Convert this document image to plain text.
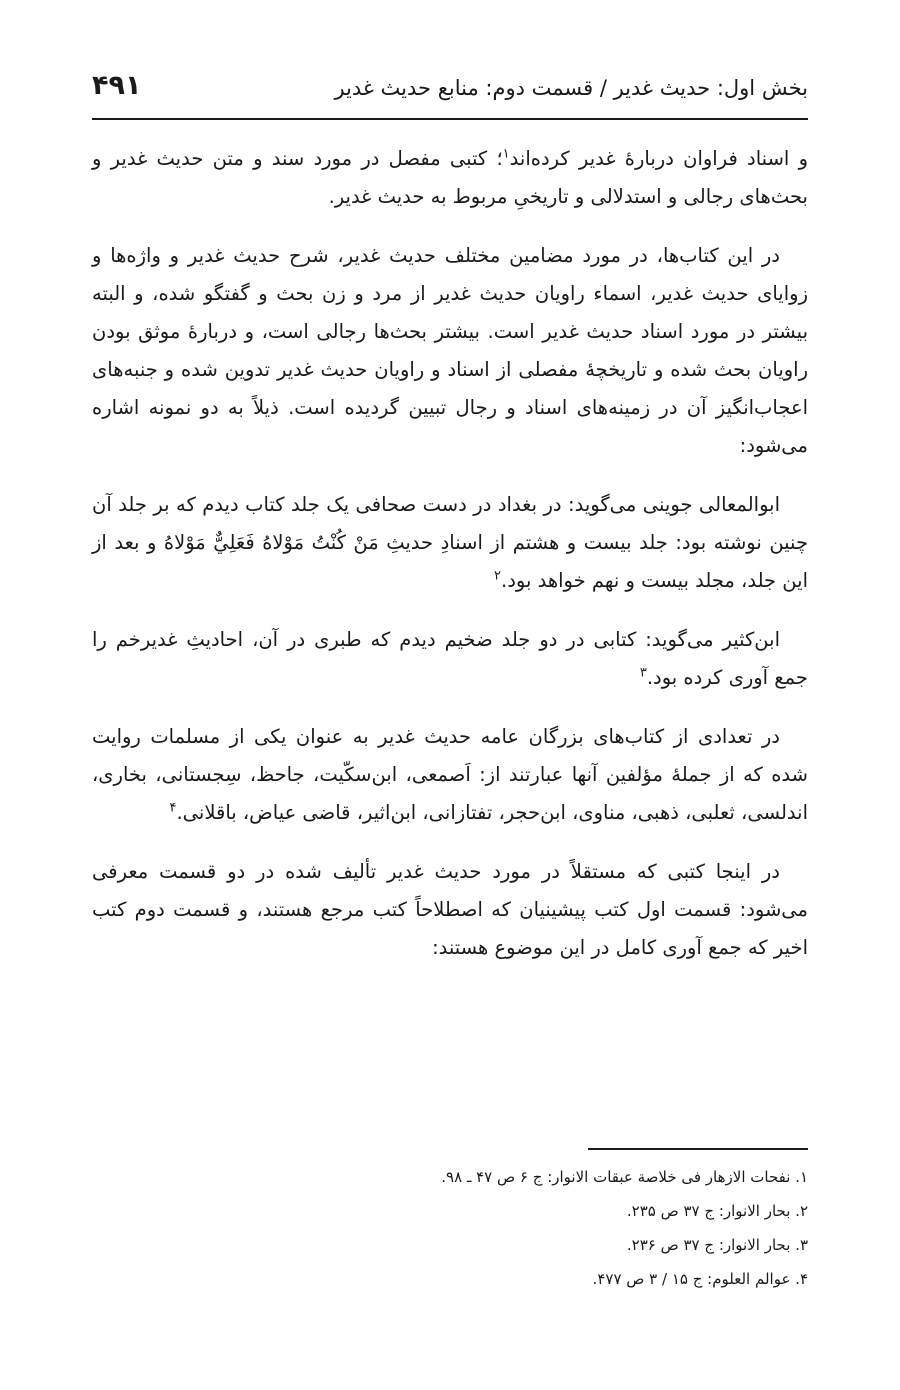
بخش اول: حدیث غدیر / قسمت دوم: منابع حدیث غدیر
۴۹۱

و اسناد فراوان دربارهٔ غدیر کرده‌اند$^۱$؛ کتبی مفصل در مورد سند و متن حدیث غدیر و بحث‌های رجالی و استدلالی و تاریخیِ مربوط به حدیث غدیر.

در این کتاب‌ها، در مورد مضامین مختلف حدیث غدیر، شرح حدیث غدیر و واژه‌ها و زوایای حدیث غدیر، اسماء راویان حدیث غدیر از مرد و زن بحث و گفتگو شده، و البته بیشتر در مورد اسناد حدیث غدیر است. بیشتر بحث‌ها رجالی است، و دربارهٔ موثق بودن راویان بحث شده و تاریخچهٔ مفصلی از اسناد و راویان حدیث غدیر تدوین شده و جنبه‌های اعجاب‌انگیز آن در زمینه‌های اسناد و رجال تبیین گردیده است. ذیلاً به دو نمونه اشاره می‌شود:

ابوالمعالی جوینی می‌گوید: در بغداد در دست صحافی یک جلد کتاب دیدم که بر جلد آن چنین نوشته بود: جلد بیست و هشتم از اسنادِ حدیثِ مَنْ کُنْتُ مَوْلاهُ فَعَلِيٌّ مَوْلاهُ و بعد از این جلد، مجلد بیست و نهم خواهد بود.$^۲$

ابن‌کثیر می‌گوید: کتابی در دو جلد ضخیم دیدم که طبری در آن، احادیثِ غدیرخم را جمع آوری کرده بود.$^۳$

در تعدادی از کتاب‌های بزرگان عامه حدیث غدیر به عنوان یکی از مسلمات روایت شده که از جملهٔ مؤلفین آنها عبارتند از: اَصمعی، ابن‌سکّیت، جاحظ، سِجستانی، بخاری، اندلسی، ثعلبی، ذهبی، مناوی، ابن‌حجر، تفتازانی، ابن‌اثیر، قاضی عیاض، باقلانی.$^۴$

در اینجا کتبی که مستقلاً در مورد حدیث غدیر تألیف شده در دو قسمت معرفی می‌شود: قسمت اول کتب پیشینیان که اصطلاحاً کتب مرجع هستند، و قسمت دوم کتب اخیر که جمع آوری کامل در این موضوع هستند:

۱. نفحات الازهار فی خلاصة عبقات الانوار: ج ۶ ص ۴۷ ـ ۹۸.

۲. بحار الانوار: ج ۳۷ ص ۲۳۵.

۳. بحار الانوار: ج ۳۷ ص ۲۳۶.

۴. عوالم العلوم: ج ۱۵ / ۳ ص ۴۷۷.
